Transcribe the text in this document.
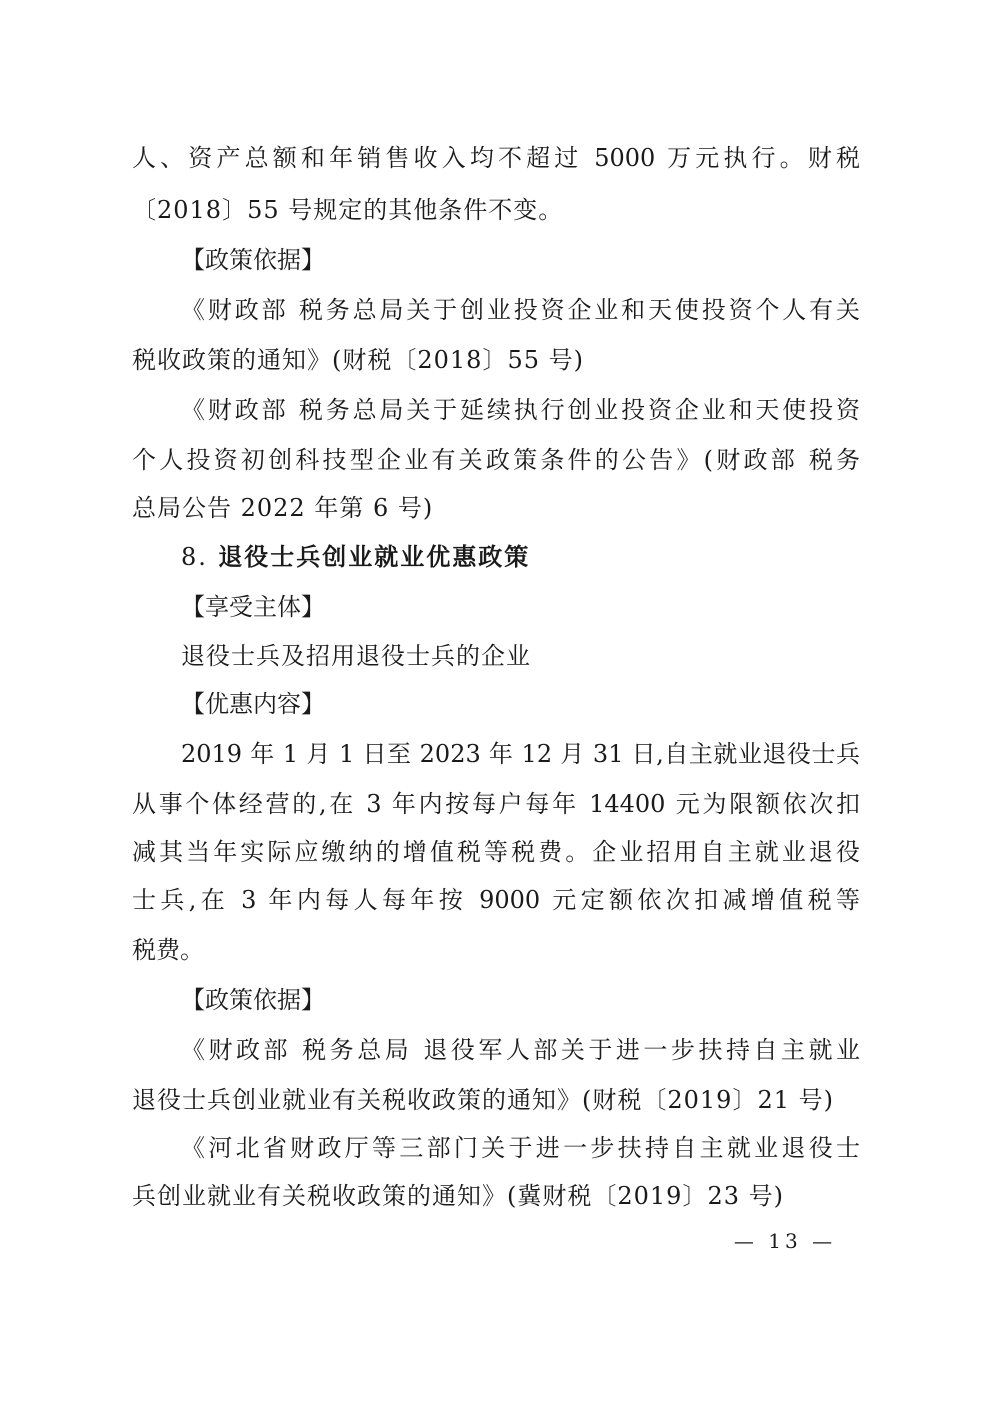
人、资产总额和年销售收入均不超过 5000 万元执行。财税
〔2018〕55 号规定的其他条件不变。
【政策依据】
《财政部 税务总局关于创业投资企业和天使投资个人有关
税收政策的通知》(财税〔2018〕55 号)
《财政部 税务总局关于延续执行创业投资企业和天使投资
个人投资初创科技型企业有关政策条件的公告》(财政部 税务
总局公告 2022 年第 6 号)
8. 退役士兵创业就业优惠政策
【享受主体】
退役士兵及招用退役士兵的企业
【优惠内容】
2019 年 1 月 1 日至 2023 年 12 月 31 日,自主就业退役士兵
从事个体经营的,在 3 年内按每户每年 14400 元为限额依次扣
减其当年实际应缴纳的增值税等税费。企业招用自主就业退役
士兵,在 3 年内每人每年按 9000 元定额依次扣减增值税等
税费。
【政策依据】
《财政部 税务总局 退役军人部关于进一步扶持自主就业
退役士兵创业就业有关税收政策的通知》(财税〔2019〕21 号)
《河北省财政厅等三部门关于进一步扶持自主就业退役士
兵创业就业有关税收政策的通知》(冀财税〔2019〕23 号)
— 13 —
